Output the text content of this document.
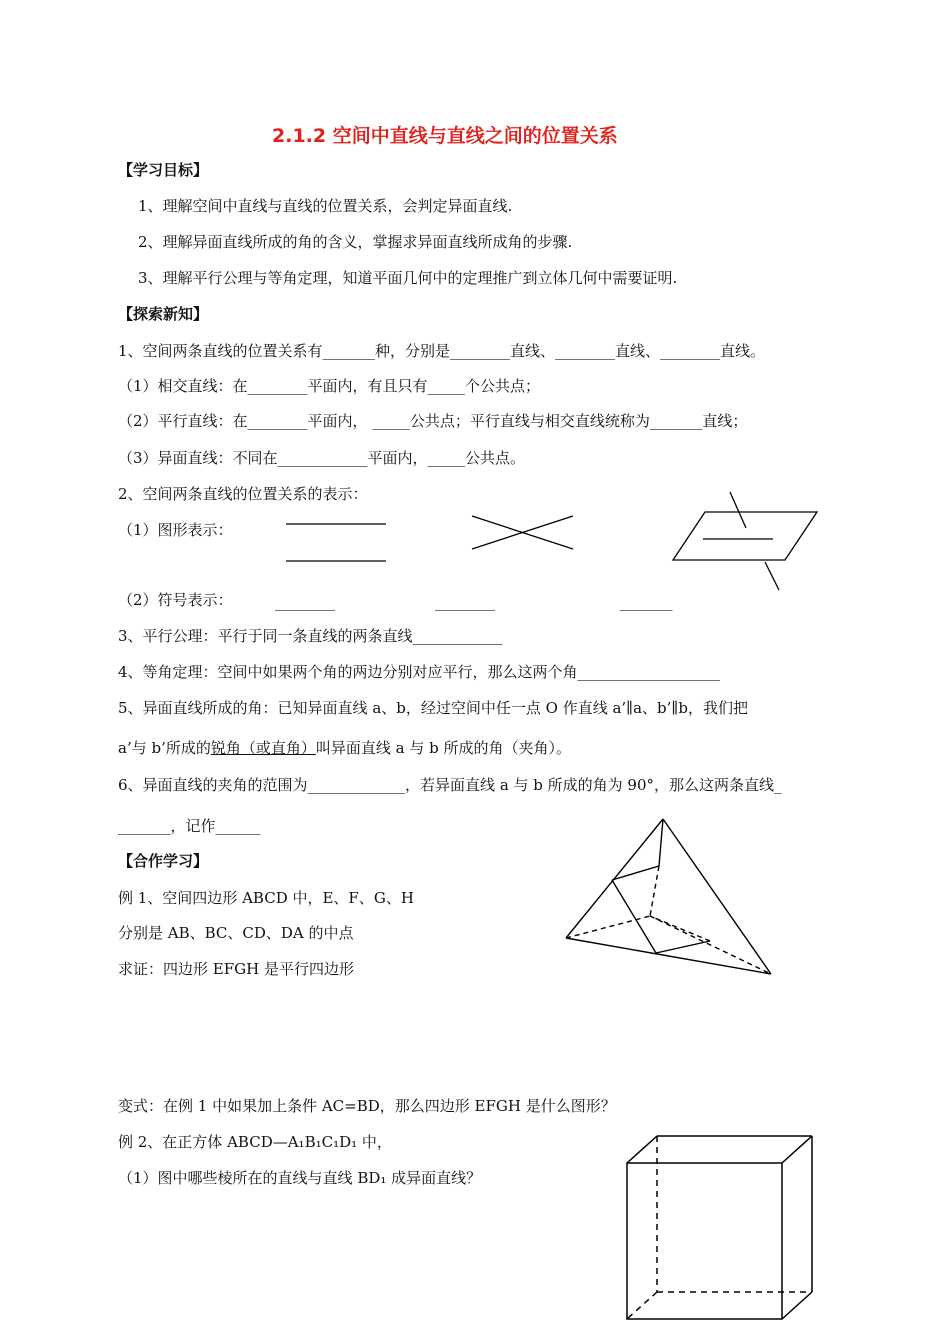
2.1.2 空间中直线与直线之间的位置关系
【学习目标】
1、理解空间中直线与直线的位置关系，会判定异面直线.
2、理解异面直线所成的角的含义，掌握求异面直线所成角的步骤.
3、理解平行公理与等角定理，知道平面几何中的定理推广到立体几何中需要证明.
【探索新知】
1、空间两条直线的位置关系有_______种，分别是________直线、________直线、________直线。
（1）相交直线：在________平面内，有且只有_____个公共点；
（2）平行直线：在________平面内， _____公共点；平行直线与相交直线统称为_______直线；
（3）异面直线：不同在____________平面内，_____公共点。
2、空间两条直线的位置关系的表示：
（1）图形表示：
（2）符号表示：	________	________	_______
3、平行公理：平行于同一条直线的两条直线____________
4、等角定理：空间中如果两个角的两边分别对应平行，那么这两个角___________________
5、异面直线所成的角：已知异面直线 a、b，经过空间中任一点 O 作直线 a’∥a、b’∥b，我们把
a’与 b’所成的锐角（或直角）叫异面直线 a 与 b 所成的角（夹角）。
6、异面直线的夹角的范围为_____________，若异面直线 a 与 b 所成的角为 90°，那么这两条直线_
_______，记作______
【合作学习】
例 1、空间四边形 ABCD 中，E、F、G、H
分别是 AB、BC、CD、DA 的中点
求证：四边形 EFGH 是平行四边形
变式：在例 1 中如果加上条件 AC=BD，那么四边形 EFGH 是什么图形？
例 2、在正方体 ABCD—A₁B₁C₁D₁ 中，
（1）图中哪些棱所在的直线与直线 BD₁ 成异面直线？
